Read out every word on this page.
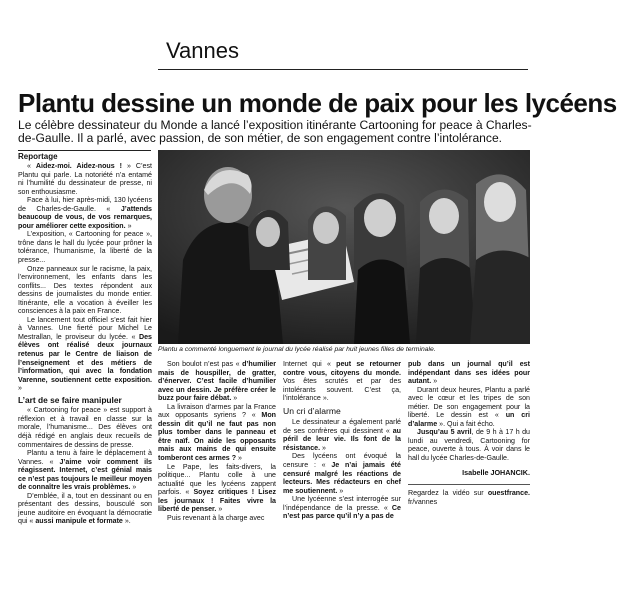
Vannes
Plantu dessine un monde de paix pour les lycéens
Le célèbre dessinateur du Monde a lancé l’exposition itinérante Cartooning for peace à Charles-de-Gaulle. Il a parlé, avec passion, de son métier, de son engagement contre l’intolérance.
Reportage

« Aidez-moi. Aidez-nous ! » C’est Plantu qui parle. La notoriété n’a entamé ni l’humilité du dessinateur de presse, ni son enthousiasme.

Face à lui, hier après-midi, 130 lycéens de Charles-de-Gaulle. « J’attends beaucoup de vous, de vos remarques, pour améliorer cette exposition. »

L’exposition, « Cartooning for peace », trône dans le hall du lycée pour prôner la tolérance, l’humanisme, la liberté de la presse...

Onze panneaux sur le racisme, la paix, l’environnement, les enfants dans les conflits... Des textes répondent aux dessins de journalistes du monde entier. Itinérante, elle a vocation à éveiller les consciences à la paix en France.

Le lancement tout officiel s’est fait hier à Vannes. Une fierté pour Michel Le Mestrallan, le proviseur du lycée. « Des élèves ont réalisé deux journaux retenus par le Centre de liaison de l’enseignement et des métiers de l’information, qui avec la fondation Varenne, soutiennent cette exposition. »

L’art de se faire manipuler

« Cartooning for peace » est support à réflexion et à travail en classe sur la morale, l’humanisme... Des élèves ont déjà rédigé en anglais deux recueils de commentaires de dessins de presse.

Plantu a tenu à faire le déplacement à Vannes. « J’aime voir comment ils réagissent. Internet, c’est génial mais ce n’est pas toujours le meilleur moyen de connaître les vrais problèmes. »

D’emblée, il a, tout en dessinant ou en présentant des dessins, bousculé son jeune auditoire en évoquant la démocratie qui « aussi manipule et formate ».

Plantu a commenté longuement le journal du lycée réalisé par huit jeunes filles de terminale.

Son boulot n’est pas « d’humilier mais de houspiller, de gratter, d’énerver. C’est facile d’humilier avec un dessin. Je préfère créer le buzz pour faire débat. »

La livraison d’armes par la France aux opposants syriens ? « Mon dessin dit qu’il ne faut pas non plus tomber dans le panneau et être naïf. On aide les opposants mais aux mains de qui ensuite tomberont ces armes ? »

Le Pape, les faits-divers, la politique... Plantu colle à une actualité que les lycéens zappent parfois. « Soyez critiques ! Lisez les journaux ! Faites vivre la liberté de penser. »

Puis revenant à la charge avec

Internet qui « peut se retourner contre vous, citoyens du monde. Vos êtes scrutés et par des intolérants souvent. C’est ça, l’intolérance ».

Un cri d’alarme

Le dessinateur a également parlé de ses confrères qui dessinent « au péril de leur vie. Ils font de la résistance. »

Des lycéens ont évoqué la censure : « Je n’ai jamais été censuré malgré les réactions de lecteurs. Mes rédacteurs en chef me soutiennent. »

Une lycéenne s’est interrogée sur l’indépendance de la presse. « Ce n’est pas parce qu’il n’y a pas de

pub dans un journal qu’il est indépendant dans ses idées pour autant. »

Durant deux heures, Plantu a parlé avec le cœur et les tripes de son métier. De son engagement pour la liberté. Le dessin est « un cri d’alarme ». Qui a fait écho.

Jusqu’au 5 avril, de 9 h à 17 h du lundi au vendredi, Cartooning for peace, ouverte à tous. À voir dans le hall du lycée Charles-de-Gaulle.

Isabelle JOHANCIK.

Regardez la vidéo sur ouestfrance. fr/vannes
